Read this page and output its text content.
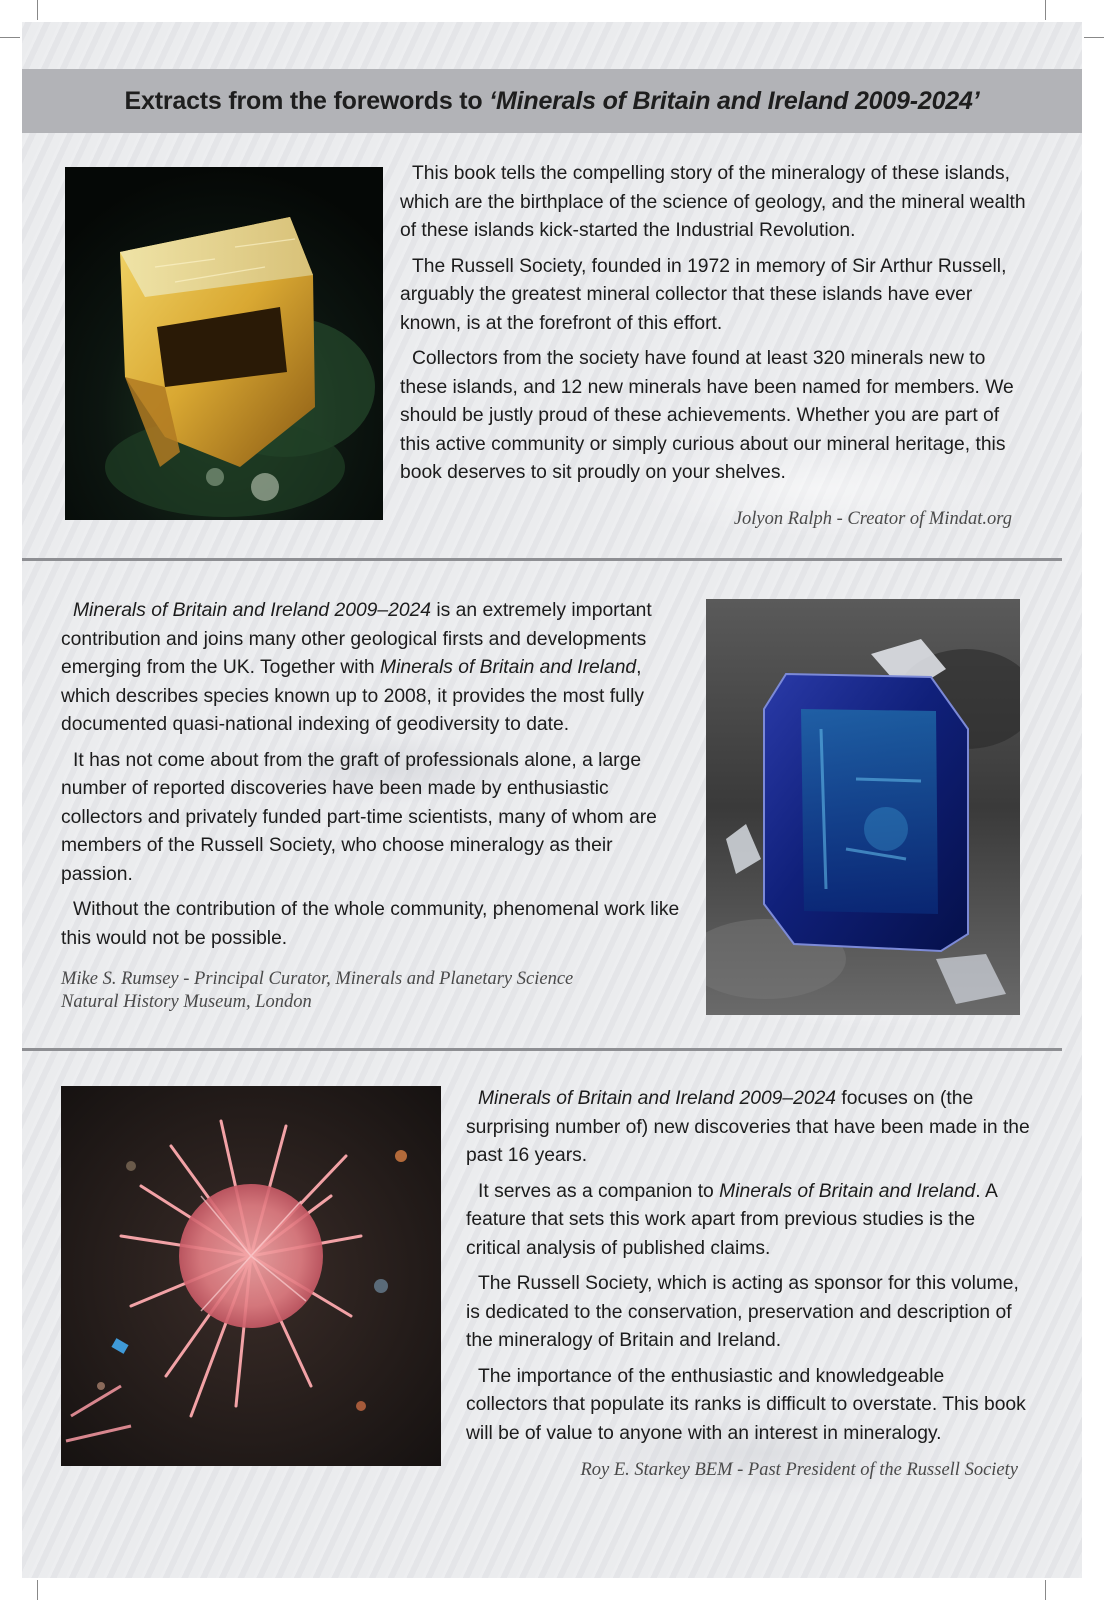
Extracts from the forewords to ‘Minerals of Britain and Ireland 2009-2024’

This book tells the compelling story of the mineralogy of these islands, which are the birthplace of the science of geology, and the mineral wealth of these islands kick-started the Industrial Revolution.

The Russell Society, founded in 1972 in memory of Sir Arthur Russell, arguably the greatest mineral collector that these islands have ever known, is at the forefront of this effort.

Collectors from the society have found at least 320 minerals new to these islands, and 12 new minerals have been named for members. We should be justly proud of these achievements. Whether you are part of this active community or simply curious about our mineral heritage, this book deserves to sit proudly on your shelves.

Jolyon Ralph - Creator of Mindat.org

Minerals of Britain and Ireland 2009–2024 is an extremely important contribution and joins many other geological firsts and developments emerging from the UK. Together with Minerals of Britain and Ireland, which describes species known up to 2008, it provides the most fully documented quasi-national indexing of geodiversity to date.

It has not come about from the graft of professionals alone, a large number of reported discoveries have been made by enthusiastic collectors and privately funded part-time scientists, many of whom are members of the Russell Society, who choose mineralogy as their passion.

Without the contribution of the whole community, phenomenal work like this would not be possible.

Mike S. Rumsey - Principal Curator, Minerals and Planetary Science
Natural History Museum, London

Minerals of Britain and Ireland 2009–2024 focuses on (the surprising number of) new discoveries that have been made in the past 16 years.

It serves as a companion to Minerals of Britain and Ireland. A feature that sets this work apart from previous studies is the critical analysis of published claims.

The Russell Society, which is acting as sponsor for this volume, is dedicated to the conservation, preservation and description of the mineralogy of Britain and Ireland.

The importance of the enthusiastic and knowledgeable collectors that populate its ranks is difficult to overstate. This book will be of value to anyone with an interest in mineralogy.

Roy E. Starkey BEM - Past President of the Russell Society
